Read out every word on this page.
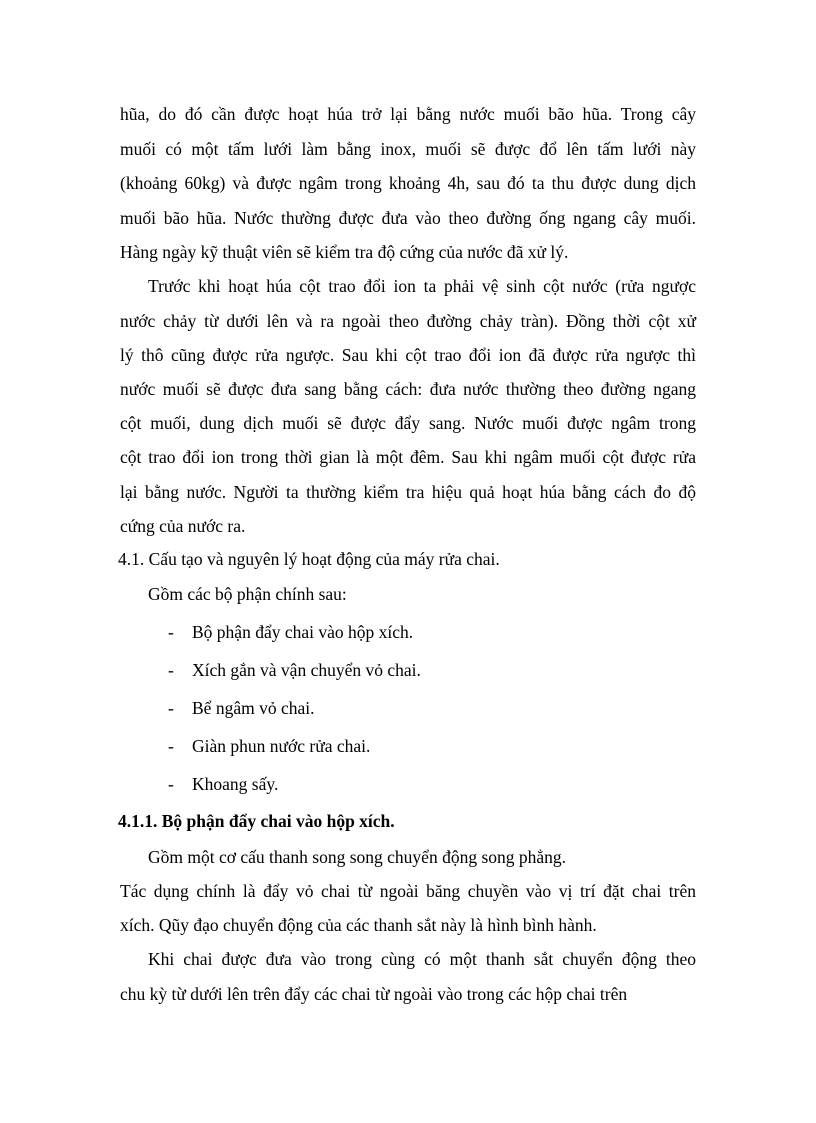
hũa, do đó cần được hoạt húa trở lại bằng nước muối bão hũa. Trong cây
muối có một tấm lưới làm bằng inox, muối sẽ được đổ lên tấm lưới này
(khoảng 60kg) và được ngâm trong khoảng 4h, sau đó ta thu được dung dịch
muối bão hũa. Nước thường được đưa vào theo đường ống ngang cây muối.
Hàng ngày kỹ thuật viên sẽ kiểm tra độ cứng của nước đã xử lý.
Trước khi hoạt húa cột trao đổi ion ta phải vệ sinh cột nước (rửa ngược
nước chảy từ dưới lên và ra ngoài theo đường chảy tràn). Đồng thời cột xử
lý thô cũng được rửa ngược. Sau khi cột trao đổi ion đã được rửa ngược thì
nước muối sẽ được đưa sang bằng cách: đưa nước thường theo đường ngang
cột muối, dung dịch muối sẽ được đẩy sang. Nước muối được ngâm trong
cột trao đổi ion trong thời gian là một đêm. Sau khi ngâm muối cột được rửa
lại bằng nước. Người ta thường kiểm tra hiệu quả hoạt húa bằng cách đo độ
cứng của nước ra.
4.1. Cấu tạo và nguyên lý hoạt động của máy rửa chai.
Gồm các bộ phận chính sau:
- Bộ phận đẩy chai vào hộp xích.
- Xích gắn và vận chuyển vỏ chai.
- Bể ngâm vỏ chai.
- Giàn phun nước rửa chai.
- Khoang sấy.
4.1.1. Bộ phận đẩy chai vào hộp xích.
Gồm một cơ cấu thanh song song chuyển động song phẳng.
Tác dụng chính là đẩy vỏ chai từ ngoài băng chuyền vào vị trí đặt chai trên
xích. Qũy đạo chuyển động của các thanh sắt này là hình bình hành.
Khi chai được đưa vào trong cùng có một thanh sắt chuyển động theo
chu kỳ từ dưới lên trên đẩy các chai từ ngoài vào trong các hộp chai trên
